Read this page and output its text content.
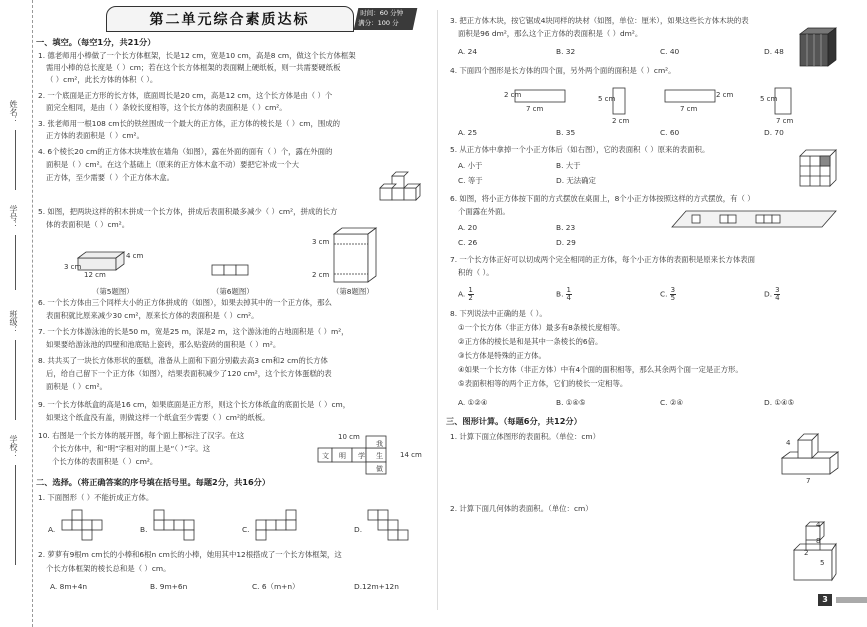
姓名：
学号：
班级：
学校：
第二单元综合素质达标	时间：60 分钟
满分：100 分
一、填空。（每空1分，共21分）
1. 德老师用小棒做了一个长方体框架，长是12 cm，宽是10 cm，高是8 cm，做这个长方体框架
需用小棒的总长度是（ ）cm；若在这个长方体框架的表面糊上硬纸板，则一共需要硬纸板
（ ）cm²，此长方体的体积（ ）。
2. 一个底面是正方形的长方体，底面周长是20 cm，高是12 cm，这个长方体是由（ ）个
面完全相同，是由（ ）条较长度相等，这个长方体的表面积是（ ）cm²。
3. 张老师用一根108 cm长的铁丝围成一个最大的正方体，正方体的棱长是（ ）cm，围成的
正方体的表面积是（ ）cm²。
4. 6个棱长20 cm的正方体木块堆放在墙角（如图），露在外面的面有（ ）个，露在外面的
面积是（ ）cm²。在这个基础上（原来的正方体木盒不动）要把它补成一个大
正方体，至少需要（ ）个正方体木盒。
5. 如图，把两块这样的积木拼成一个长方体，拼成后表面积最多减少（ ）cm²，拼成的长方
体的表面积是（ ）cm²。
4 cm
12 cm
3 cm
（第5题图）	（第6题图）
3 cm
2 cm
（第8题图）
6. 一个长方体由三个同样大小的正方体拼成的（如图），如果去掉其中的一个正方体，那么
表面积就比原来减少30 cm²，原来长方体的表面积是（ ）cm²。
7. 一个长方体游泳池的长是50 m，宽是25 m，深是2 m，这个游泳池的占地面积是（ ）m²，
如果要给游泳池的四壁和池底贴上瓷砖，那么贴瓷砖的面积是（ ）m²。
8. 共共买了一块长方体形状的蛋糕，准备从上面和下面分别截去高3 cm和2 cm的长方体
后，给自己留下一个正方体（如图），结果表面积减少了120 cm²，这个长方体蛋糕的表
面积是（ ）cm²。
9. 一个长方体纸盒的高是16 cm，如果底面是正方形，则这个长方体纸盒的底面长是（ ）cm，
如果这个纸盒没有盖，则做这样一个纸盒至少需要（ ）cm²的纸板。
10. 右图是一个长方体的展开图，每个面上都标注了汉字。在这
个长方体中，和“明”字相对的面上是“（ ）”字。这
个长方体的表面积是（ ）cm²。
10 cm
14 cm
文 明 学 生
我
做
二、选择。（将正确答案的序号填在括号里。每题2分，共16分）
1. 下面图形（ ）不能折成正方体。
A.	B.	C.	D.
2. 萝萝有9根m cm长的小棒和6根n cm长的小棒，她用其中12根搭成了一个长方体框架，这
个长方体框架的棱长总和是（ ）cm。
A. 8m+4n	B. 9m+6n	C. 6（m+n）	D.12m+12n
3. 把正方体木块，按它锯成4块同样的块材（如图，单位：厘米），如果这些长方体木块的表
面积是96 dm²，那么这个正方体的表面积是（ ）dm²。
A. 24	B. 32	C. 40	D. 48
4. 下面四个图形是长方体的四个面，另外两个面的面积是（ ）cm²。
2 cm
7 cm
5 cm
2 cm
7 cm
2 cm	5 cm
7 cm
A. 25	B. 35	C. 60	D. 70
5. 从正方体中拿掉一个小正方体后（如右图），它的表面积（ ）原来的表面积。
A. 小于	B. 大于
C. 等于	D. 无法确定
6. 如图，将小正方体按下面的方式摆放在桌面上，8个小正方体按照这样的方式摆放，有（ ）
个面露在外面。
A. 20	B. 23
C. 26	D. 29
7. 一个长方体正好可以切成两个完全相同的正方体，每个小正方体的表面积是原来长方体表面
积的（ ）。
A. $\frac{1}{2}$	B. $\frac{1}{4}$	C. $\frac{3}{5}$	D. $\frac{3}{4}$
8. 下列说法中正确的是（ ）。
①一个长方体（非正方体）最多有8条棱长度相等。
②正方体的棱长是和是其中一条棱长的6倍。
③长方体是特殊的正方体。
④如果一个长方体（非正方体）中有4个面的面积相等，那么其余两个面一定是正方形。
⑤表面积相等的两个正方体，它们的棱长一定相等。
A. ①②④	B. ①④⑤	C. ②④	D. ①④⑤
三、图形计算。（每题6分，共12分）
1. 计算下面立体图形的表面积。（单位：cm）
4
7
2. 计算下面几何体的表面积。（单位：cm）
4
8
5
2
3
